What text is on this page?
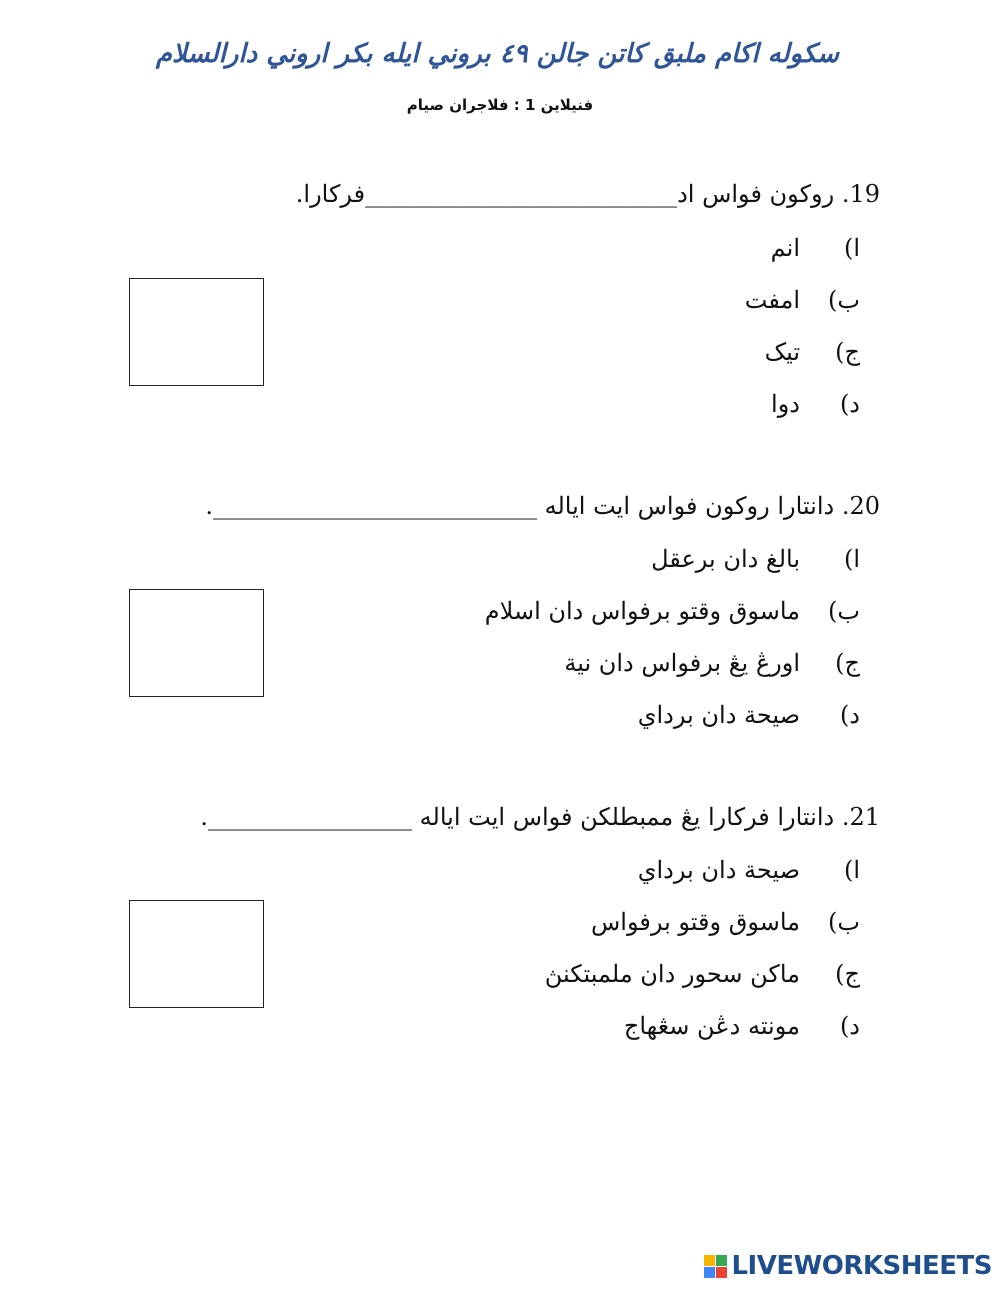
سکوله اکام ملبق کاتن جالن ٤٩ بروني ايله بكر اروني دارالسلام
فنيلاين 1 : فلاجران صيام
19. روکون فواس اد__________________________فرکارا.
ا)انم
ب)امفت
ج)تيک
د)دوا
20. دانتارا روکون فواس ايت اياله ___________________________.
ا)بالغ دان برعقل
ب)ماسوق وقتو برفواس دان اسلام
ج)اورڠ يڠ برفواس دان نية
د)صيحة دان برداي
21. دانتارا فرکارا يڠ ممبطلکن فواس ايت اياله _________________.
ا)صيحة دان برداي
ب)ماسوق وقتو برفواس
ج)ماکن سحور دان ملمبتکنڽ
د)مونته دڠن سڠهاج
LIVEWORKSHEETS
